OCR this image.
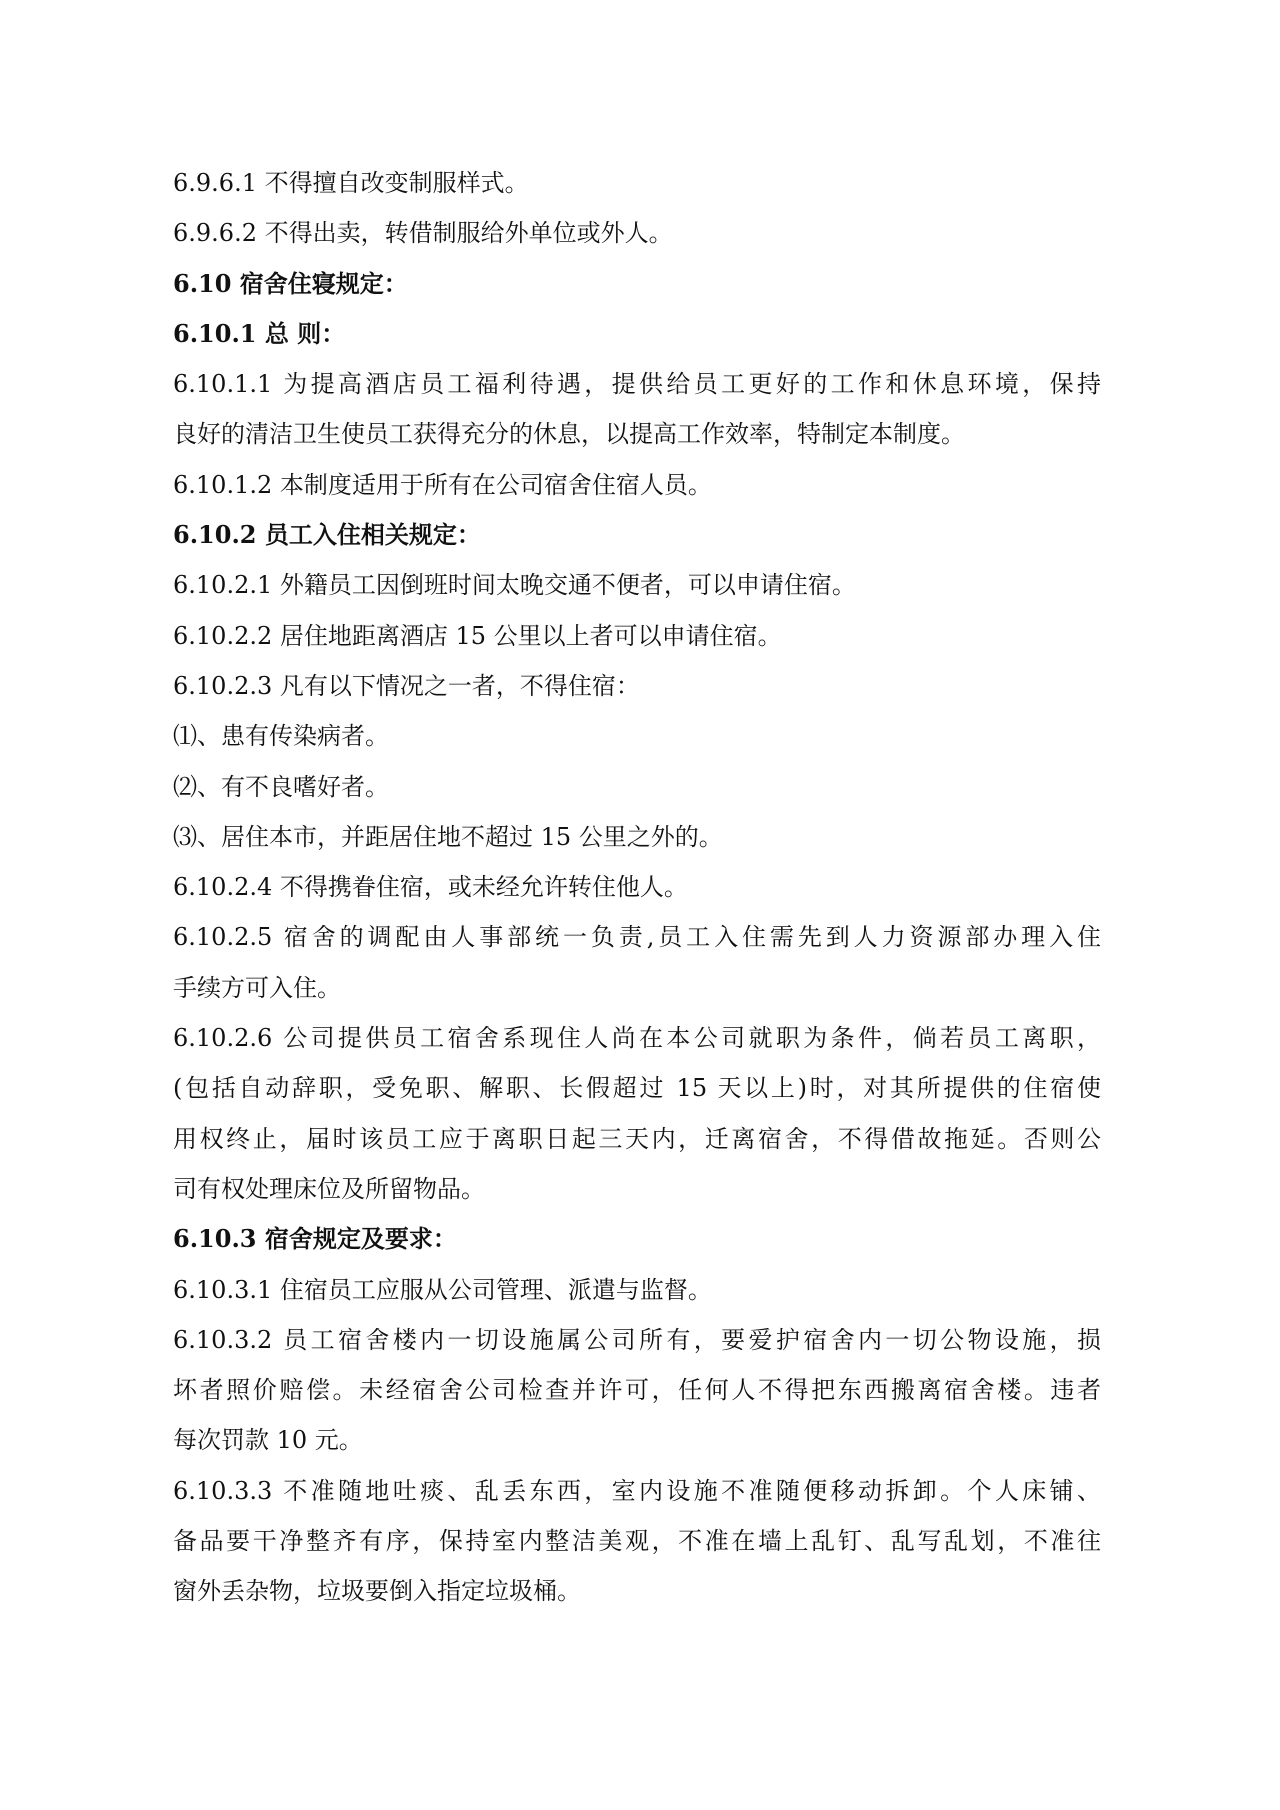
6.9.6.1 不得擅自改变制服样式。
6.9.6.2 不得出卖，转借制服给外单位或外人。
6.10 宿舍住寝规定：
6.10.1 总 则：
6.10.1.1 为提高酒店员工福利待遇，提供给员工更好的工作和休息环境，保持
良好的清洁卫生使员工获得充分的休息，以提高工作效率，特制定本制度。
6.10.1.2 本制度适用于所有在公司宿舍住宿人员。
6.10.2 员工入住相关规定：
6.10.2.1 外籍员工因倒班时间太晚交通不便者，可以申请住宿。
6.10.2.2 居住地距离酒店 15 公里以上者可以申请住宿。
6.10.2.3 凡有以下情况之一者，不得住宿：
⑴、患有传染病者。
⑵、有不良嗜好者。
⑶、居住本市，并距居住地不超过 15 公里之外的。
6.10.2.4 不得携眷住宿，或未经允许转住他人。
6.10.2.5 宿舍的调配由人事部统一负责,员工入住需先到人力资源部办理入住
手续方可入住。
6.10.2.6 公司提供员工宿舍系现住人尚在本公司就职为条件，倘若员工离职，
(包括自动辞职，受免职、解职、长假超过 15 天以上)时，对其所提供的住宿使
用权终止，届时该员工应于离职日起三天内，迁离宿舍，不得借故拖延。否则公
司有权处理床位及所留物品。
6.10.3 宿舍规定及要求：
6.10.3.1 住宿员工应服从公司管理、派遣与监督。
6.10.3.2 员工宿舍楼内一切设施属公司所有，要爱护宿舍内一切公物设施，损
坏者照价赔偿。未经宿舍公司检查并许可，任何人不得把东西搬离宿舍楼。违者
每次罚款 10 元。
6.10.3.3 不准随地吐痰、乱丢东西，室内设施不准随便移动拆卸。个人床铺、
备品要干净整齐有序，保持室内整洁美观，不准在墙上乱钉、乱写乱划，不准往
窗外丢杂物，垃圾要倒入指定垃圾桶。
